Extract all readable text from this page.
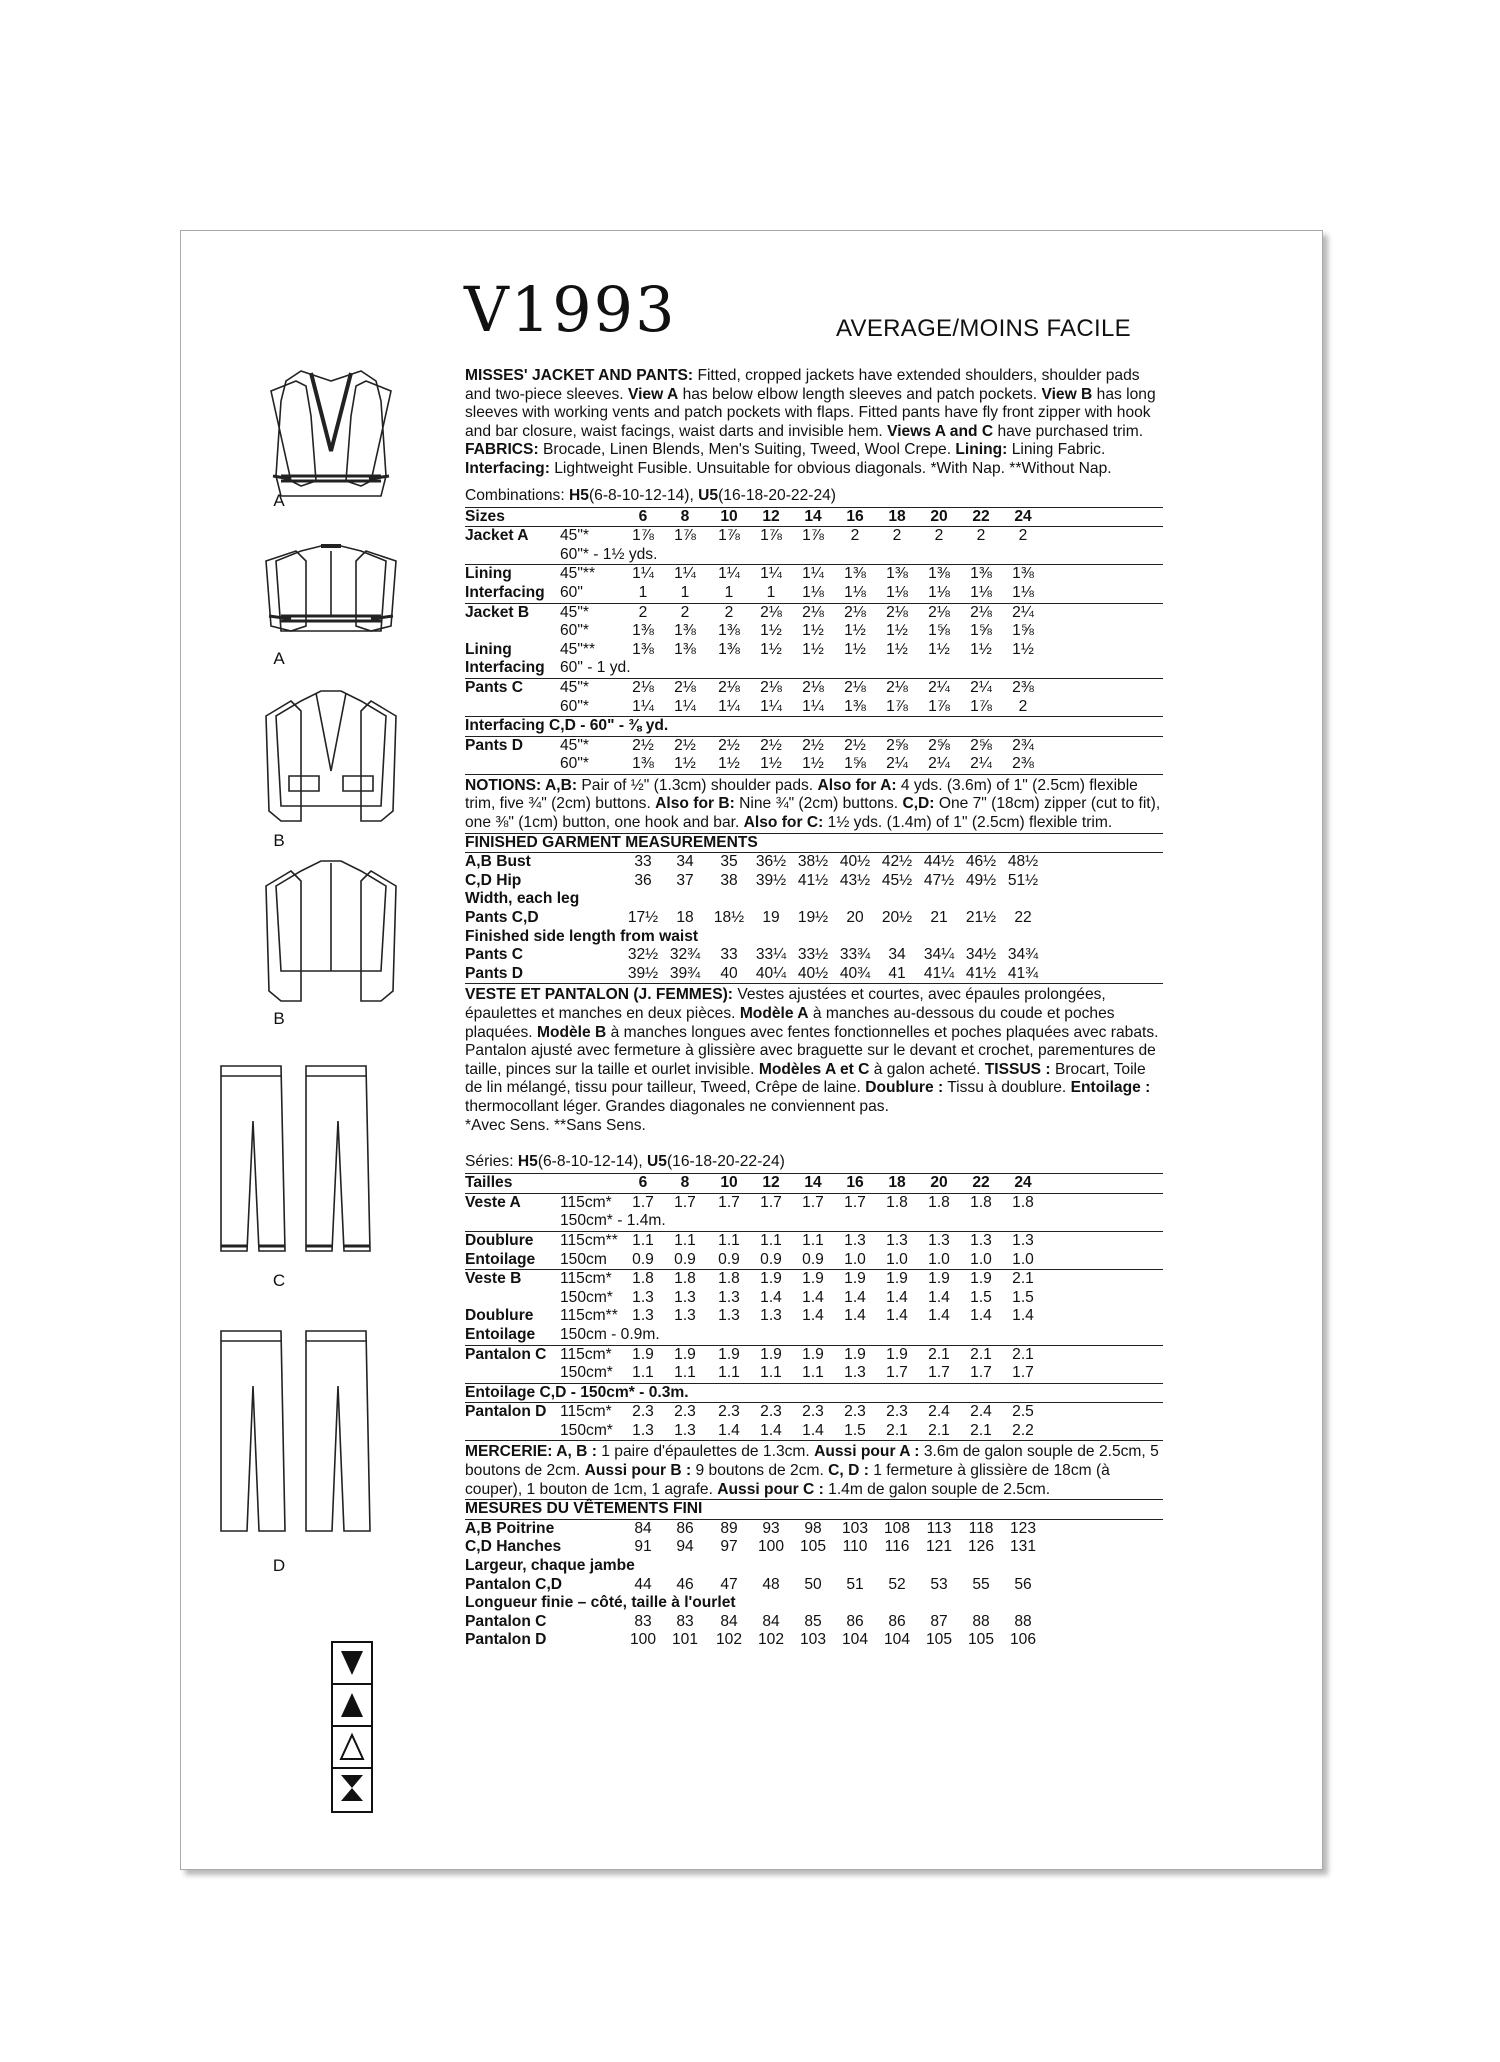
V1993	AVERAGE/MOINS FACILE
A
A
B
B
C
D
MISSES' JACKET AND PANTS: Fitted, cropped jackets have extended shoulders, shoulder pads and two-piece sleeves. View A has below elbow length sleeves and patch pockets. View B has long sleeves with working vents and patch pockets with flaps. Fitted pants have fly front zipper with hook and bar closure, waist facings, waist darts and invisible hem. Views A and C have purchased trim. FABRICS: Brocade, Linen Blends, Men's Suiting, Tweed, Wool Crepe. Lining: Lining Fabric. Interfacing: Lightweight Fusible. Unsuitable for obvious diagonals. *With Nap. **Without Nap.
Combinations: H5(6-8-10-12-14), U5(16-18-20-22-24)
Sizes	6	8	10	12	14	16	18	20	22	24
Jacket A 45"*	1⅞	1⅞	1⅞	1⅞	1⅞	2	2	2	2	2
60"* - 1½ yds.
Lining	45"**	1¼	1¼	1¼	1¼	1¼	1⅜	1⅜	1⅜	1⅜	1⅜
Interfacing 60"	1	1	1	1	1⅛	1⅛	1⅛	1⅛	1⅛	1⅛
Jacket B 45"*	2	2	2	2⅛	2⅛	2⅛	2⅛	2⅛	2⅛	2¼
60"*	1⅜	1⅜	1⅜	1½	1½	1½	1½	1⅝	1⅝	1⅝
Lining	45"**	1⅜	1⅜	1⅜	1½	1½	1½	1½	1½	1½	1½
Interfacing 60" - 1 yd.
Pants C 45"*	2⅛	2⅛	2⅛	2⅛	2⅛	2⅛	2⅛	2¼	2¼	2⅜
60"*	1¼	1¼	1¼	1¼	1¼	1⅜	1⅞	1⅞	1⅞	2
Interfacing C,D - 60" - ⅜ yd.
Pants D 45"*	2½	2½	2½	2½	2½	2½	2⅝	2⅝	2⅝	2¾
60"*	1⅜	1½	1½	1½	1½	1⅝	2¼	2¼	2¼	2⅜
NOTIONS: A,B: Pair of ½" (1.3cm) shoulder pads. Also for A: 4 yds. (3.6m) of 1" (2.5cm) flexible trim, five ¾" (2cm) buttons. Also for B: Nine ¾" (2cm) buttons. C,D: One 7" (18cm) zipper (cut to fit), one ⅜" (1cm) button, one hook and bar. Also for C: 1½ yds. (1.4m) of 1" (2.5cm) flexible trim.
FINISHED GARMENT MEASUREMENTS
A,B Bust	33	34	35	36½ 38½ 40½ 42½ 44½ 46½ 48½
C,D Hip	36	37	38	39½ 41½ 43½ 45½ 47½ 49½ 51½
Width, each leg
Pants C,D	17½	18	18½	19	19½	20	20½	21	21½	22
Finished side length from waist
Pants C	32½ 32¾	33	33¼ 33½ 33¾	34	34¼ 34½ 34¾
Pants D	39½ 39¾	40	40¼ 40½ 40¾	41	41¼ 41½ 41¾
VESTE ET PANTALON (J. FEMMES): Vestes ajustées et courtes, avec épaules prolongées, épaulettes et manches en deux pièces. Modèle A à manches au-dessous du coude et poches plaquées. Modèle B à manches longues avec fentes fonctionnelles et poches plaquées avec rabats. Pantalon ajusté avec fermeture à glissière avec braguette sur le devant et crochet, parementures de taille, pinces sur la taille et ourlet invisible. Modèles A et C à galon acheté. TISSUS : Brocart, Toile de lin mélangé, tissu pour tailleur, Tweed, Crêpe de laine. Doublure : Tissu à doublure. Entoilage : thermocollant léger. Grandes diagonales ne conviennent pas.
*Avec Sens. **Sans Sens.
Séries: H5(6-8-10-12-14), U5(16-18-20-22-24)
Tailles	6	8	10	12	14	16	18	20	22	24
Veste A	115cm*	1.7	1.7	1.7	1.7	1.7	1.7	1.8	1.8	1.8	1.8
150cm* - 1.4m.
Doublure 115cm** 1.1	1.1	1.1	1.1	1.1	1.3	1.3	1.3	1.3	1.3
Entoilage 150cm	0.9	0.9	0.9	0.9	0.9	1.0	1.0	1.0	1.0	1.0
Veste B 115cm*	1.8	1.8	1.8	1.9	1.9	1.9	1.9	1.9	1.9	2.1
150cm*	1.3	1.3	1.3	1.4	1.4	1.4	1.4	1.4	1.5	1.5
Doublure 115cm** 1.3	1.3	1.3	1.3	1.4	1.4	1.4	1.4	1.4	1.4
Entoilage 150cm - 0.9m.
Pantalon C 115cm*	1.9	1.9	1.9	1.9	1.9	1.9	1.9	2.1	2.1	2.1
150cm*	1.1	1.1	1.1	1.1	1.1	1.3	1.7	1.7	1.7	1.7
Entoilage C,D - 150cm* - 0.3m.
Pantalon D 115cm*	2.3	2.3	2.3	2.3	2.3	2.3	2.3	2.4	2.4	2.5
150cm*	1.3	1.3	1.4	1.4	1.4	1.5	2.1	2.1	2.1	2.2
MERCERIE: A, B : 1 paire d'épaulettes de 1.3cm. Aussi pour A : 3.6m de galon souple de 2.5cm, 5 boutons de 2cm. Aussi pour B : 9 boutons de 2cm. C, D : 1 fermeture à glissière de 18cm (à couper), 1 bouton de 1cm, 1 agrafe. Aussi pour C : 1.4m de galon souple de 2.5cm.
MESURES DU VÊTEMENTS FINI
A,B Poitrine	84	86	89	93	98	103	108	113	118	123
C,D Hanches	91	94	97	100	105	110	116	121	126	131
Largeur, chaque jambe
Pantalon C,D	44	46	47	48	50	51	52	53	55	56
Longueur finie – côté, taille à l'ourlet
Pantalon C	83	83	84	84	85	86	86	87	88	88
Pantalon D	100	101	102	102	103	104	104	105	105	106
